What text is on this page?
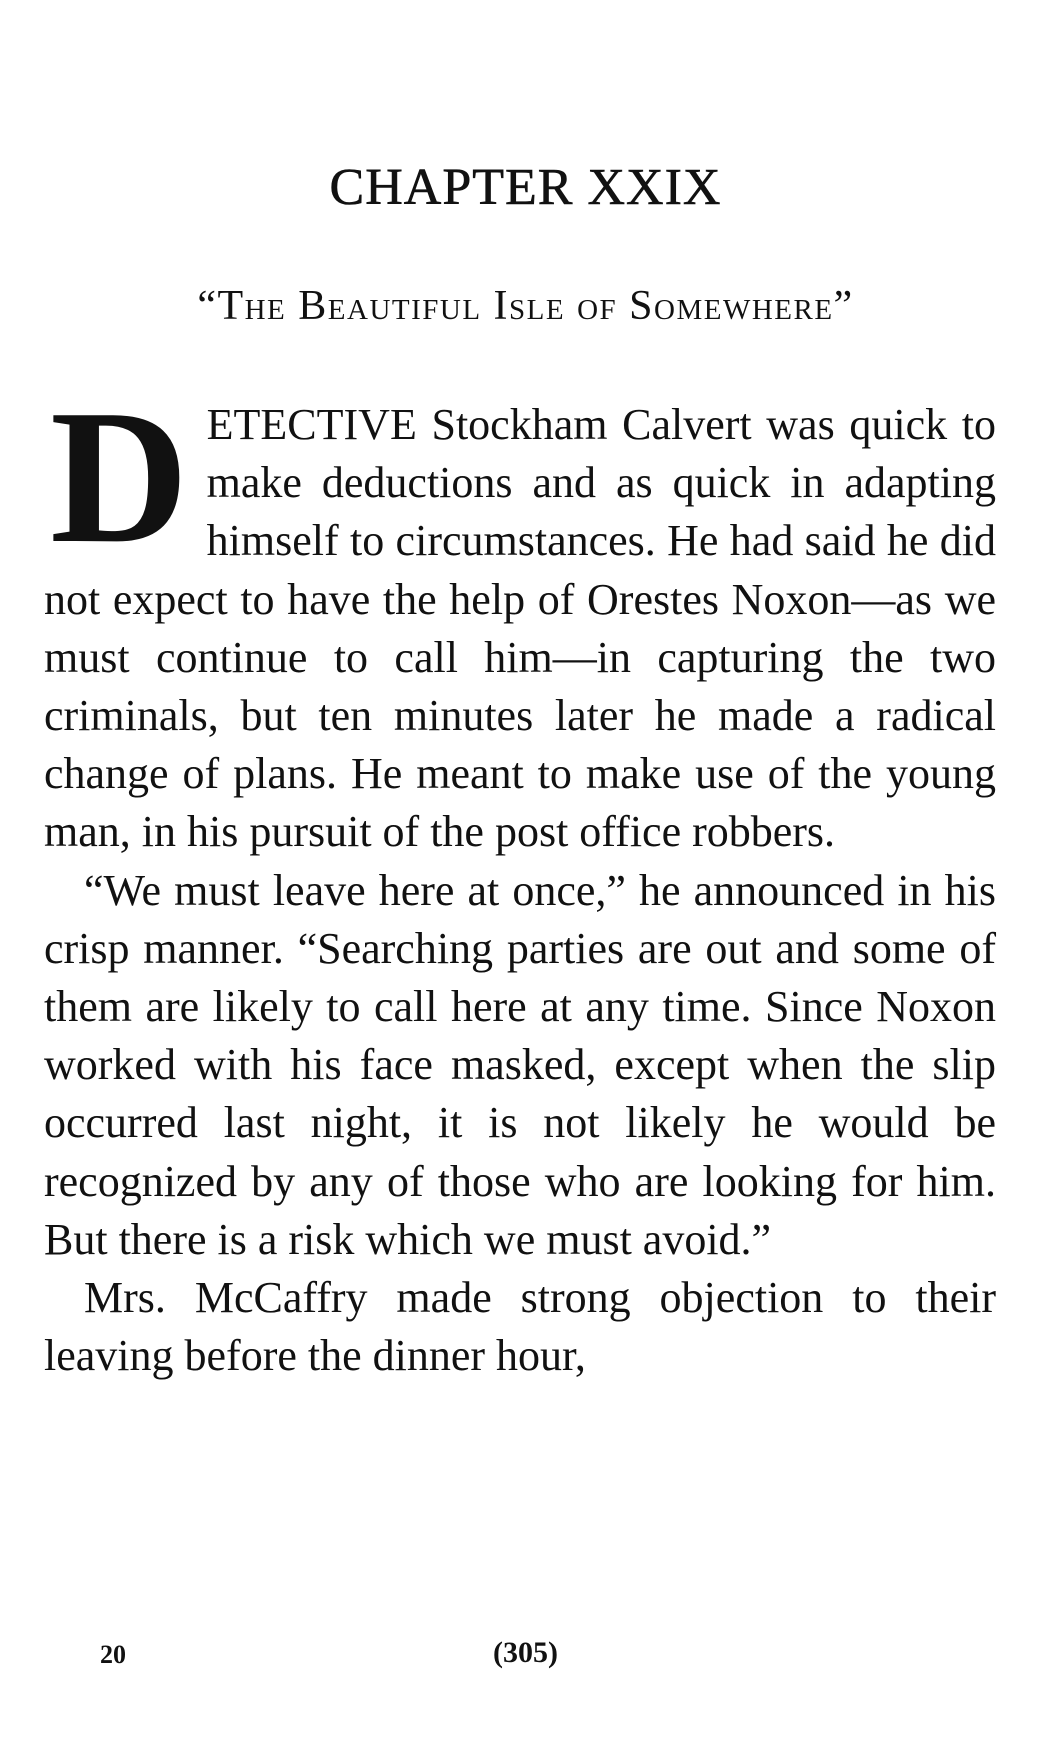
CHAPTER XXIX
“The Beautiful Isle of Somewhere”

DETECTIVE Stockham Calvert was quick to make deductions and as quick in adapting himself to circumstances. He had said he did not expect to have the help of Orestes Noxon—as we must continue to call him—in capturing the two criminals, but ten minutes later he made a radical change of plans. He meant to make use of the young man, in his pursuit of the post office robbers.

“We must leave here at once,” he announced in his crisp manner. “Searching parties are out and some of them are likely to call here at any time. Since Noxon worked with his face masked, except when the slip occurred last night, it is not likely he would be recognized by any of those who are looking for him. But there is a risk which we must avoid.”

Mrs. McCaffry made strong objection to their leaving before the dinner hour,

20	(305)
